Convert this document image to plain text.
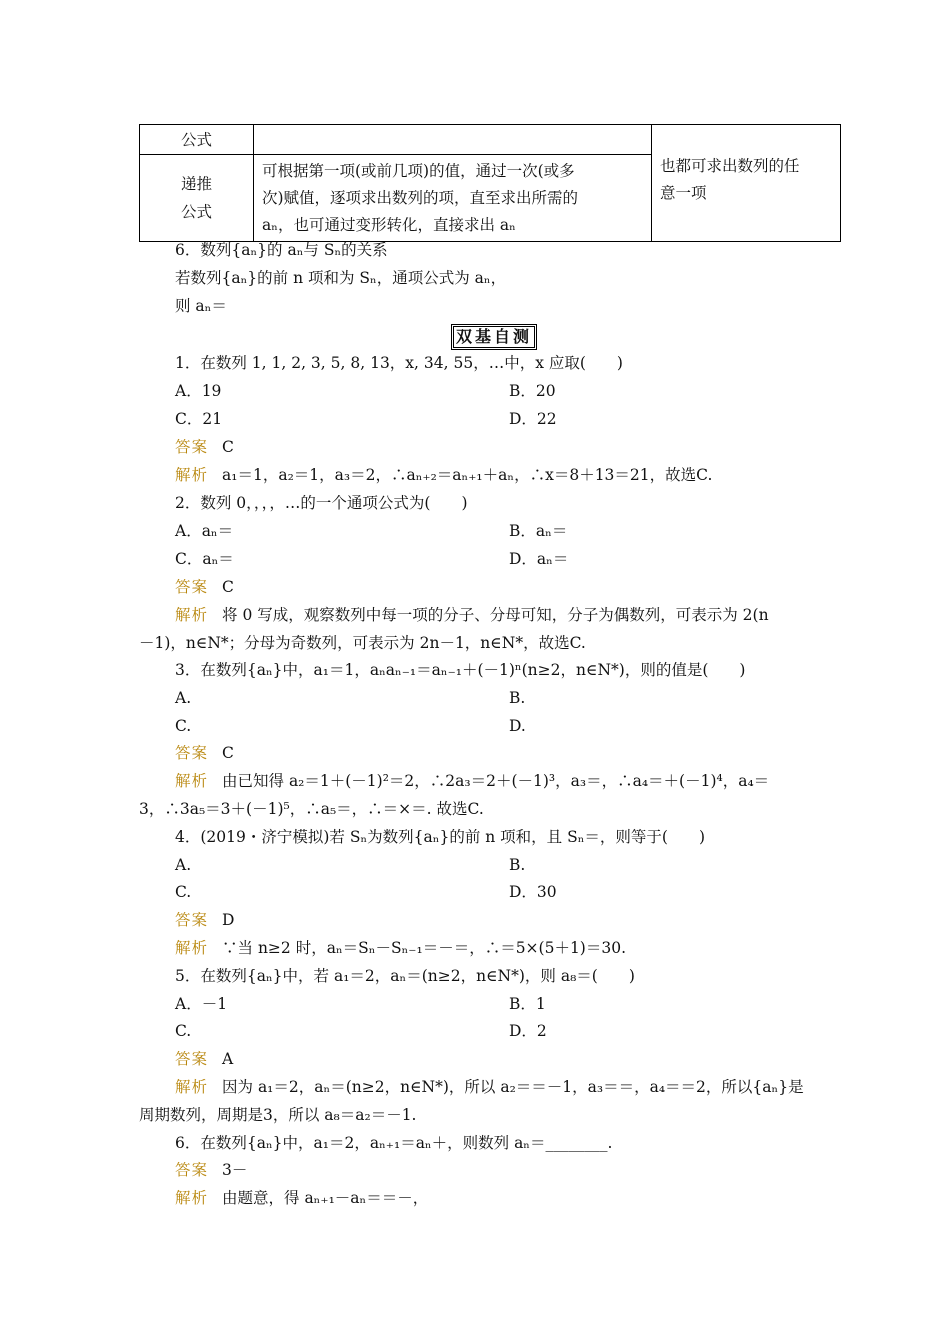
公式		也都可求出数列的任
意一项

递推
公式	可根据第一项(或前几项)的值，通过一次(或多
次)赋值，逐项求出数列的项，直至求出所需的
aₙ，也可通过变形转化，直接求出 aₙ	
6．数列{aₙ}的 aₙ与 Sₙ的关系
若数列{aₙ}的前 n 项和为 Sₙ，通项公式为 aₙ，
则 aₙ＝
双基自测
1．在数列 1, 1, 2, 3, 5, 8, 13，x, 34, 55，…中，x 应取(　　)
A．19	B．20
C．21	D．22
答案 C
解析 a₁＝1，a₂＝1，a₃＝2，∴aₙ₊₂＝aₙ₊₁＋aₙ，∴x＝8＋13＝21，故选C.
2．数列 0，，，，…的一个通项公式为(　　)
A．aₙ＝	B．aₙ＝
C．aₙ＝	D．aₙ＝
答案 C
解析 将 0 写成，观察数列中每一项的分子、分母可知，分子为偶数列，可表示为 2(n
－1)，n∈N*；分母为奇数列，可表示为 2n－1，n∈N*，故选C.
3．在数列{aₙ}中，a₁＝1，aₙaₙ₋₁＝aₙ₋₁＋(－1)ⁿ(n≥2，n∈N*)，则的值是(　　)
A.	B.
C.	D.
答案 C
解析 由已知得 a₂＝1＋(－1)²＝2，∴2a₃＝2＋(－1)³，a₃＝，∴a₄＝＋(－1)⁴，a₄＝
3，∴3a₅＝3＋(－1)⁵，∴a₅＝，∴＝×＝. 故选C.
4．(2019・济宁模拟)若 Sₙ为数列{aₙ}的前 n 项和，且 Sₙ＝，则等于(　　)
A.	B.
C.	D．30
答案 D
解析 ∵当 n≥2 时，aₙ＝Sₙ－Sₙ₋₁＝－＝，∴＝5×(5＋1)＝30.
5．在数列{aₙ}中，若 a₁＝2，aₙ＝(n≥2，n∈N*)，则 a₈＝(　　)
A．－1	B．1
C.	D．2
答案 A
解析 因为 a₁＝2，aₙ＝(n≥2，n∈N*)，所以 a₂＝＝－1，a₃＝＝，a₄＝＝2，所以{aₙ}是
周期数列，周期是3，所以 a₈＝a₂＝－1.
6．在数列{aₙ}中，a₁＝2，aₙ₊₁＝aₙ＋，则数列 aₙ＝________.
答案 3－
解析 由题意，得 aₙ₊₁－aₙ＝＝－，
